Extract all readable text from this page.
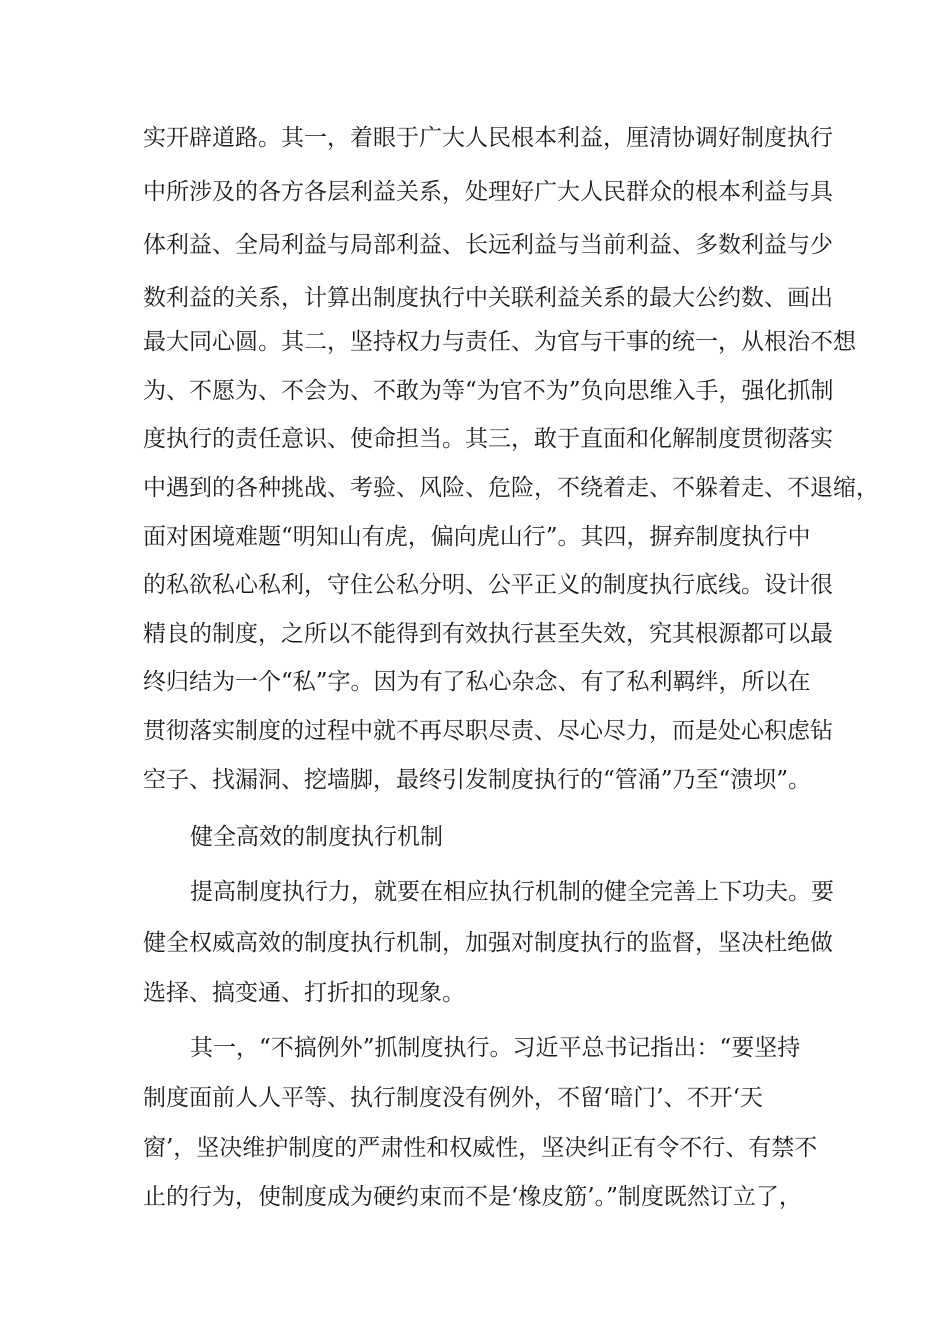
实开辟道路。其一，着眼于广大人民根本利益，厘清协调好制度执行
中所涉及的各方各层利益关系，处理好广大人民群众的根本利益与具
体利益、全局利益与局部利益、长远利益与当前利益、多数利益与少
数利益的关系，计算出制度执行中关联利益关系的最大公约数、画出
最大同心圆。其二，坚持权力与责任、为官与干事的统一，从根治不想
为、不愿为、不会为、不敢为等“为官不为”负向思维入手，强化抓制
度执行的责任意识、使命担当。其三，敢于直面和化解制度贯彻落实
中遇到的各种挑战、考验、风险、危险，不绕着走、不躲着走、不退缩，
面对困境难题“明知山有虎，偏向虎山行”。其四，摒弃制度执行中
的私欲私心私利，守住公私分明、公平正义的制度执行底线。设计很
精良的制度，之所以不能得到有效执行甚至失效，究其根源都可以最
终归结为一个“私”字。因为有了私心杂念、有了私利羁绊，所以在
贯彻落实制度的过程中就不再尽职尽责、尽心尽力，而是处心积虑钻
空子、找漏洞、挖墙脚，最终引发制度执行的“管涌”乃至“溃坝”。
健全高效的制度执行机制
提高制度执行力，就要在相应执行机制的健全完善上下功夫。要
健全权威高效的制度执行机制，加强对制度执行的监督，坚决杜绝做
选择、搞变通、打折扣的现象。
其一，“不搞例外”抓制度执行。习近平总书记指出：“要坚持
制度面前人人平等、执行制度没有例外，不留‘暗门’、不开‘天
窗’，坚决维护制度的严肃性和权威性，坚决纠正有令不行、有禁不
止的行为，使制度成为硬约束而不是‘橡皮筋’。”制度既然订立了，
